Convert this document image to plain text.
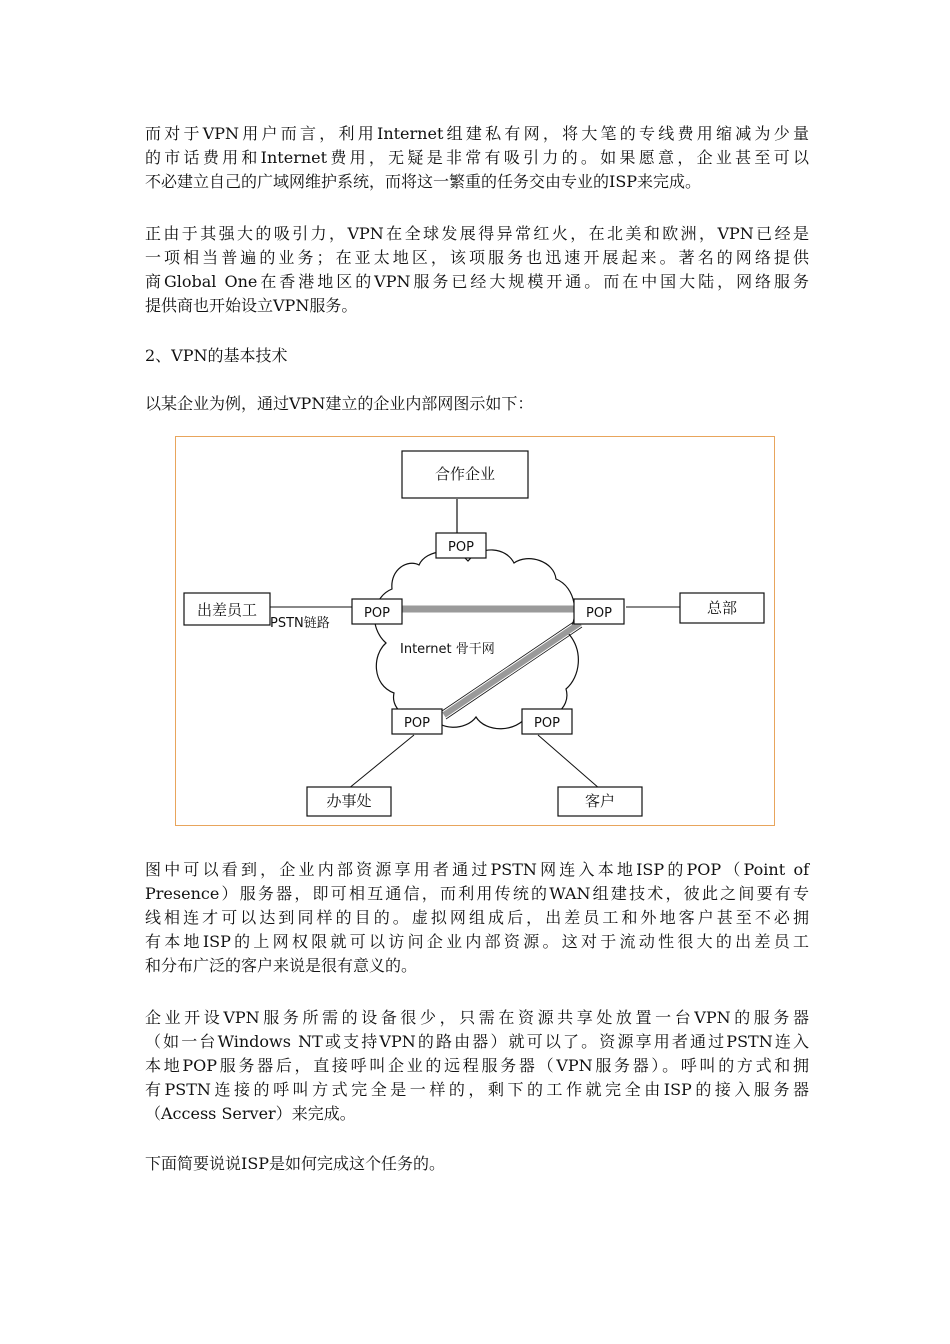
而对于VPN用户而言，利用Internet组建私有网，将大笔的专线费用缩减为少量
的市话费用和Internet费用，无疑是非常有吸引力的。如果愿意，企业甚至可以
不必建立自己的广域网维护系统，而将这一繁重的任务交由专业的ISP来完成。
正由于其强大的吸引力，VPN在全球发展得异常红火，在北美和欧洲，VPN已经是
一项相当普遍的业务；在亚太地区，该项服务也迅速开展起来。著名的网络提供
商Global One在香港地区的VPN服务已经大规模开通。而在中国大陆，网络服务
提供商也开始设立VPN服务。
2、VPN的基本技术
以某企业为例，通过VPN建立的企业内部网图示如下：
合作企业
POP
出差员工
PSTN链路
POP	POP	总部
Internet 骨干网
POP	POP
办事处	客户
图中可以看到，企业内部资源享用者通过PSTN网连入本地ISP的POP（Point of
Presence）服务器，即可相互通信，而利用传统的WAN组建技术，彼此之间要有专
线相连才可以达到同样的目的。虚拟网组成后，出差员工和外地客户甚至不必拥
有本地ISP的上网权限就可以访问企业内部资源。这对于流动性很大的出差员工
和分布广泛的客户来说是很有意义的。
企业开设VPN服务所需的设备很少，只需在资源共享处放置一台VPN的服务器
（如一台Windows NT或支持VPN的路由器）就可以了。资源享用者通过PSTN连入
本地POP服务器后，直接呼叫企业的远程服务器（VPN服务器）。呼叫的方式和拥
有PSTN连接的呼叫方式完全是一样的，剩下的工作就完全由ISP的接入服务器
（Access Server）来完成。
下面简要说说ISP是如何完成这个任务的。
